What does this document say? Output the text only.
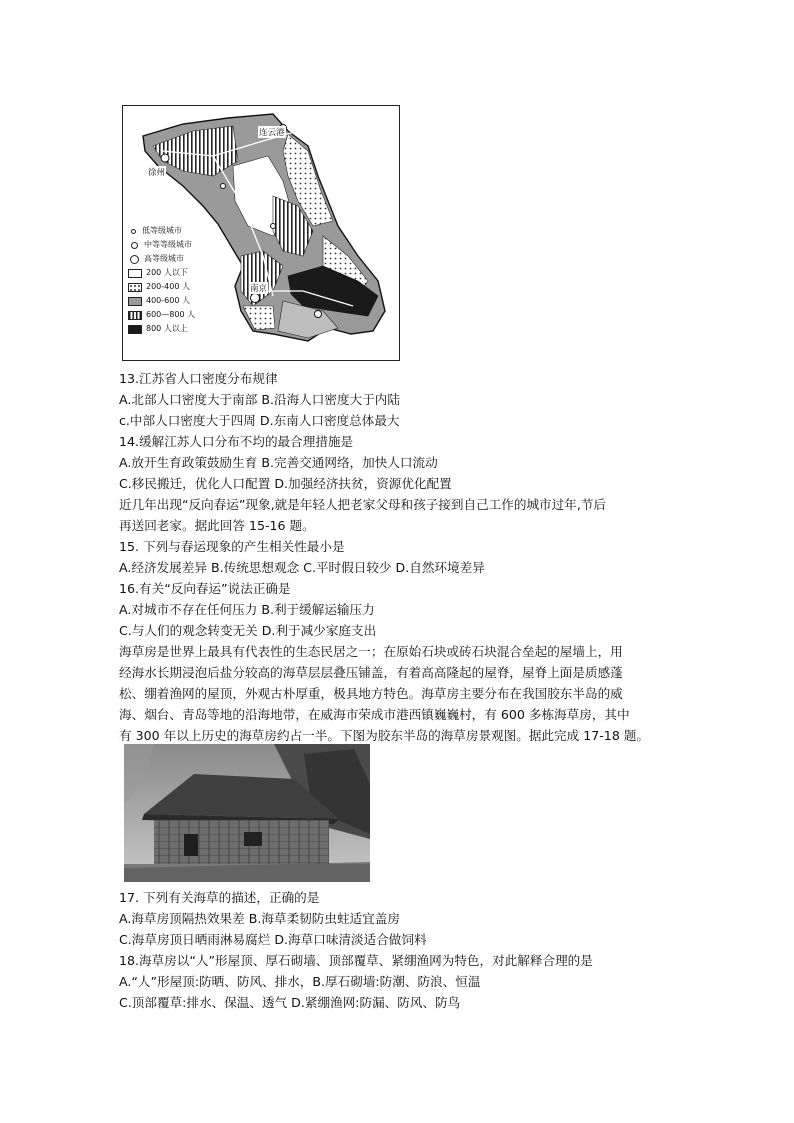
连云港
徐州
南京
低等级城市
中等等级城市
高等级城市
200 人以下
200-400 人
400-600 人
600—800 人
800 人以上
13.江苏省人口密度分布规律
A.北部人口密度大于南部 B.沿海人口密度大于内陆
c.中部人口密度大于四周 D.东南人口密度总体最大
14.缓解江苏人口分布不均的最合理措施是
A.放开生育政策鼓励生育 B.完善交通网络，加快人口流动
C.移民搬迁，优化人口配置 D.加强经济扶贫，资源优化配置
近几年出现“反向春运”现象,就是年轻人把老家父母和孩子接到自己工作的城市过年,节后
再送回老家。据此回答 15-16 题。
15. 下列与春运现象的产生相关性最小是
A.经济发展差异 B.传统思想观念 C.平时假日较少 D.自然环境差异
16.有关“反向春运”说法正确是
A.对城市不存在任何压力 B.利于缓解运输压力
C.与人们的观念转变无关 D.利于减少家庭支出
海草房是世界上最具有代表性的生态民居之一；在原始石块或砖石块混合垒起的屋墙上，用
经海水长期浸泡后盐分较高的海草层层叠压铺盖，有着高高隆起的屋脊，屋脊上面是质感蓬
松、绷着渔网的屋顶，外观古朴厚重，极具地方特色。海草房主要分布在我国胶东半岛的威
海、烟台、青岛等地的沿海地带，在威海市荣成市港西镇巍巍村，有 600 多栋海草房，其中
有 300 年以上历史的海草房约占一半。下图为胶东半岛的海草房景观图。据此完成 17-18 题。
17. 下列有关海草的描述，正确的是
A.海草房顶隔热效果差 B.海草柔韧防虫蛀适宜盖房
C.海草房顶日晒雨淋易腐烂 D.海草口味清淡适合做饲料
18.海草房以“人”形屋顶、厚石砌墙、顶部覆草、紧绷渔网为特色，对此解释合理的是
A.“人”形屋顶:防晒、防风、排水，B.厚石砌墙:防潮、防浪、恒温
C.顶部覆草:排水、保温、透气 D.紧绷渔网:防漏、防风、防鸟
